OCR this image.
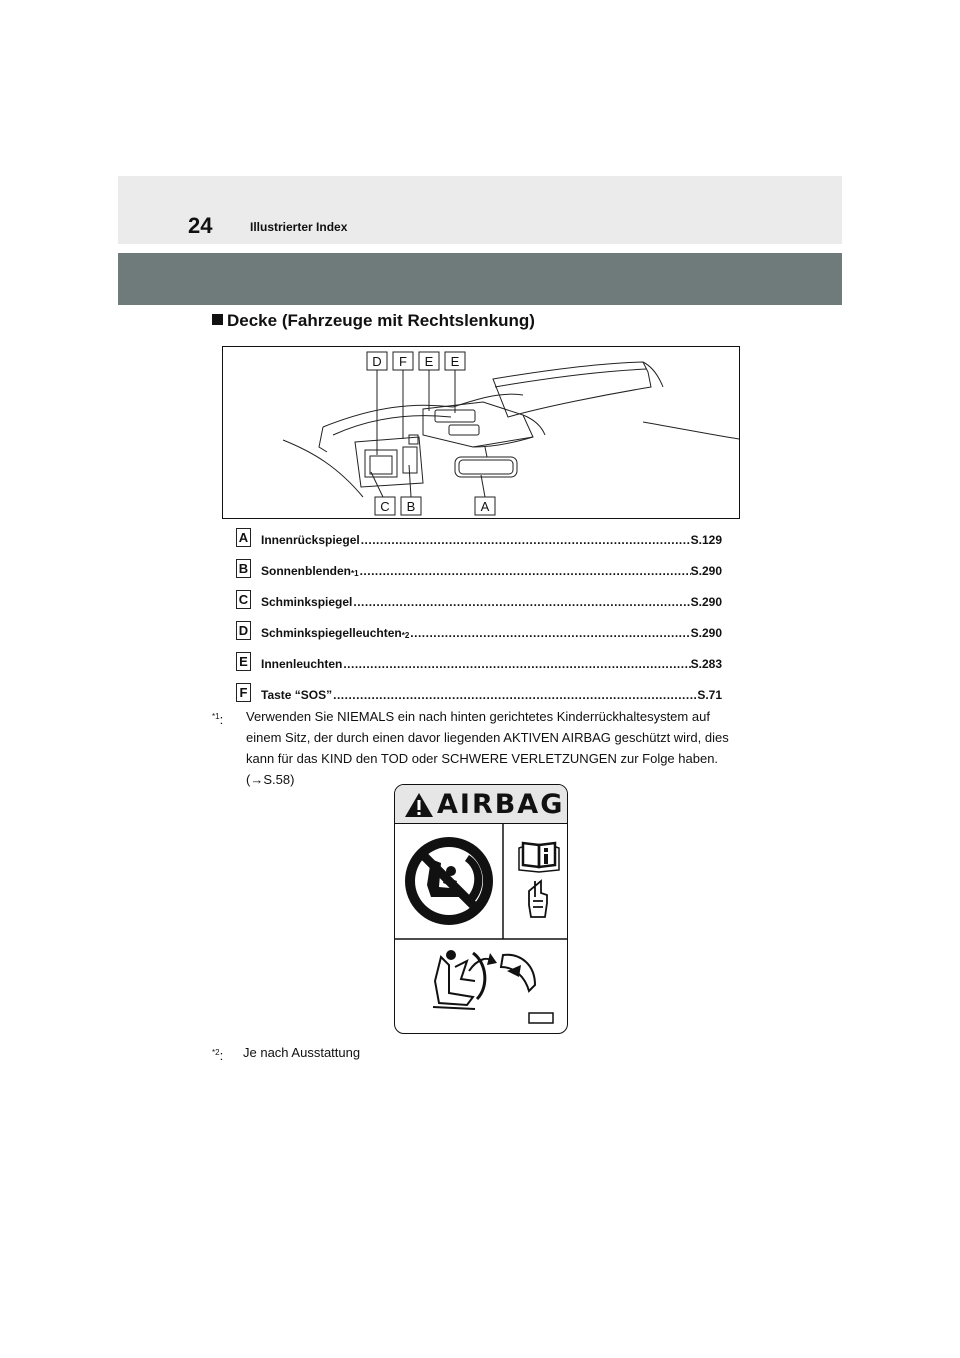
24	Illustrierter Index
Decke (Fahrzeuge mit Rechtslenkung)
D F E E
C B	A
A Innenrückspiegel .....	S.129
B Sonnenblenden$_{*1}$ .....	S.290
C Schminkspiegel .....	S.290
D Schminkspiegelleuchten$_{*2}$ .....	S.290
E Innenleuchten .....	S.283
F Taste “SOS” .....	S.71
$^{*1}$: Verwenden Sie NIEMALS ein nach hinten gerichtetes Kinderrückhaltesystem auf einem Sitz, der durch einen davor liegenden AKTIVEN AIRBAG geschützt wird, dies kann für das KIND den TOD oder SCHWERE VERLETZUNGEN zur Folge haben. (→S.58)
AIRBAG
$^{*2}$: Je nach Ausstattung
